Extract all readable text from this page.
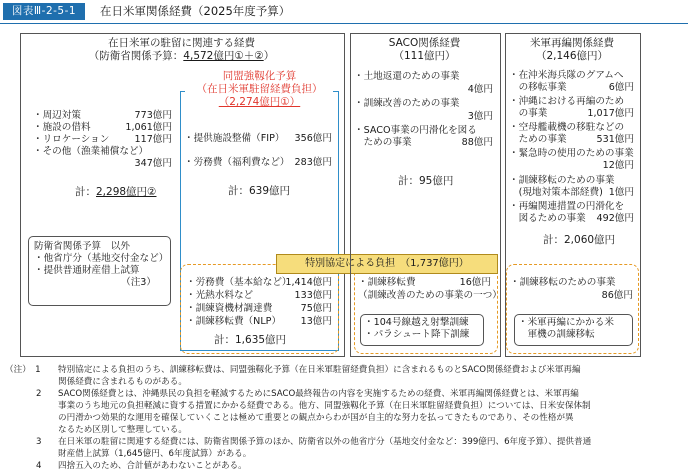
図表Ⅲ-2-5-1	在日米軍関係経費（2025年度予算）
在日米軍の駐留に関連する経費
（防衛省関係予算：4,572億円①＋②）
・周辺対策	773億円
・施設の借料	1,061億円
・リロケーション	117億円
・その他（漁業補償など）
347億円
計：2,298億円②
防衛省関係予算　以外
・他省庁分（基地交付金など）
・提供普通財産借上試算
（注3）
同盟強靱化予算
（在日米軍駐留経費負担）
（2,274億円①）
・提供施設整備（FIP）	356億円
・労務費（福利費など） 283億円
計：639億円
特別協定による負担　（1,737億円）
・労務費（基本給など）
1,414億円
・光熱水料など	133億円
・訓練資機材調達費	75億円
・訓練移転費（NLP）	13億円
計：1,635億円
SACO関係経費
（111億円）
・土地返還のための事業
4億円
・訓練改善のための事業
3億円
・SACO事業の円滑化を図る
　ための事業	88億円
計：95億円
・訓練移転費	16億円
（訓練改善のための事業の一つ）
・104号線越え射撃訓練
・パラシュート降下訓練
米軍再編関係経費
（2,146億円）
・在沖米海兵隊のグアムへ
　の移転事業	6億円
・沖縄における再編のため
　の事業	1,017億円
・空母艦載機の移駐などの
　ための事業	531億円
・緊急時の使用のための事業
12億円
・訓練移転のための事業
　(現地対策本部経費) 1億円
・再編関連措置の円滑化を
　図るための事業	492億円
計：2,060億円
・訓練移転のための事業
86億円
・米軍再編にかかる米
　軍機の訓練移転
（注）　1 特別協定による負担のうち、訓練移転費は、同盟強靱化予算（在日米軍駐留経費負担）に含まれるものとSACO関係経費および米軍再編
関係経費に含まれるものがある。
2 SACO関係経費とは、沖縄県民の負担を軽減するためにSACO最終報告の内容を実施するための経費、米軍再編関係経費とは、米軍再編
事業のうち地元の負担軽減に資する措置にかかる経費である。他方、同盟強靱化予算（在日米軍駐留経費負担）については、日米安保体制
の円滑かつ効果的な運用を確保していくことは極めて重要との観点からわが国が自主的な努力を払ってきたものであり、その性格が異
なるため区別して整理している。
3 在日米軍の駐留に関連する経費には、防衛省関係予算のほか、防衛省以外の他省庁分（基地交付金など：399億円、6年度予算）、提供普通
財産借上試算（1,645億円、6年度試算）がある。
4 四捨五入のため、合計値があわないことがある。
